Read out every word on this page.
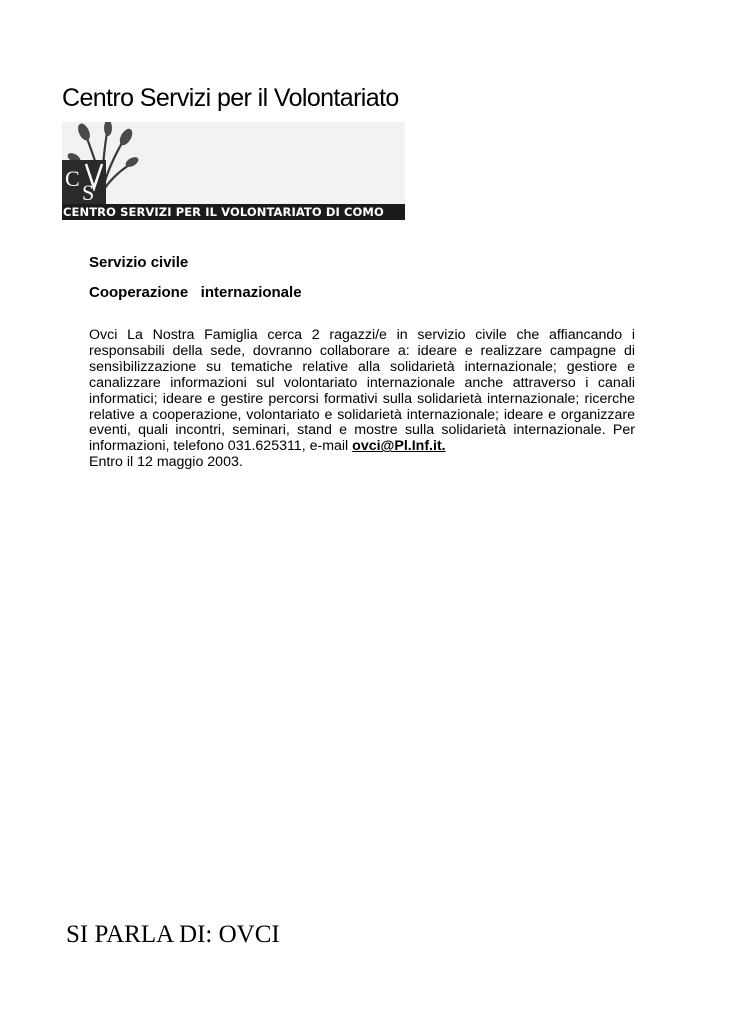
Centro Servizi per il Volontariato
C
S
CENTRO SERVIZI PER IL VOLONTARIATO DI COMO
Servizio civile
Cooperazione   internazionale

Ovci La Nostra Famiglia cerca 2 ragazzi/e in servizio civile che affiancando i responsabili della sede, dovranno collaborare a: ideare e realizzare campagne di sensìbilizzazione su tematiche relative alla solidarietà internazionale; gestiore e canalizzare informazioni sul volontariato internazionale anche attraverso i canali informatici; ideare e gestire percorsi formativi sulla solidarietà internazionale; ricerche relative a cooperazione, volontariato e solidarietà internazionale; ideare e organizzare eventi, quali incontri, seminari, stand e mostre sulla solidarietà internazionale. Per informazioni, telefono 031.625311, e-mail ovci@Pl.Inf.it.
Entro il 12 maggio 2003.

SI PARLA DI: OVCI
